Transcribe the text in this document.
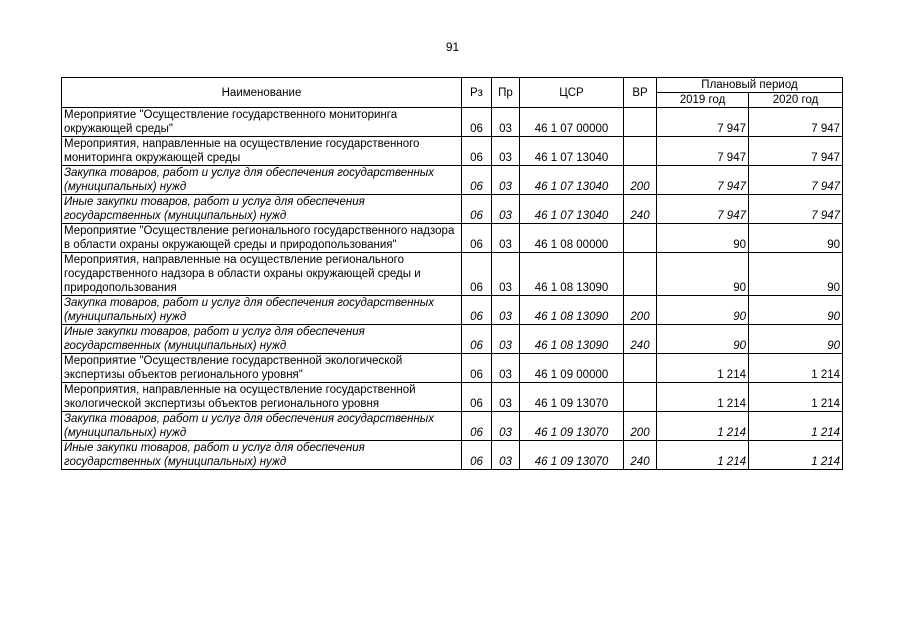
91
Наименование	Рз	Пр	ЦСР	ВР	Плановый период	
					2019 год	2020 год
Мероприятие "Осуществление государственного мониторинга окружающей среды"	06	03	46 1 07 00000		7 947	7 947
Мероприятия, направленные на осуществление государственного мониторинга окружающей среды	06	03	46 1 07 13040		7 947	7 947
Закупка товаров, работ и услуг для обеспечения государственных (муниципальных) нужд	06	03	46 1 07 13040	200	7 947	7 947
Иные закупки товаров, работ и услуг для обеспечения государственных (муниципальных) нужд	06	03	46 1 07 13040	240	7 947	7 947
Мероприятие "Осуществление регионального государственного надзора в области охраны окружающей среды и природопользования"	06	03	46 1 08 00000		90	90
Мероприятия, направленные на осуществление регионального государственного надзора в области охраны окружающей среды и природопользования	06	03	46 1 08 13090		90	90
Закупка товаров, работ и услуг для обеспечения государственных (муниципальных) нужд	06	03	46 1 08 13090	200	90	90
Иные закупки товаров, работ и услуг для обеспечения государственных (муниципальных) нужд	06	03	46 1 08 13090	240	90	90
Мероприятие "Осуществление государственной экологической экспертизы объектов регионального уровня"	06	03	46 1 09 00000		1 214	1 214
Мероприятия, направленные на осуществление государственной экологической экспертизы объектов регионального уровня	06	03	46 1 09 13070		1 214	1 214
Закупка товаров, работ и услуг для обеспечения государственных (муниципальных) нужд	06	03	46 1 09 13070	200	1 214	1 214
Иные закупки товаров, работ и услуг для обеспечения государственных (муниципальных) нужд	06	03	46 1 09 13070	240	1 214	1 214
